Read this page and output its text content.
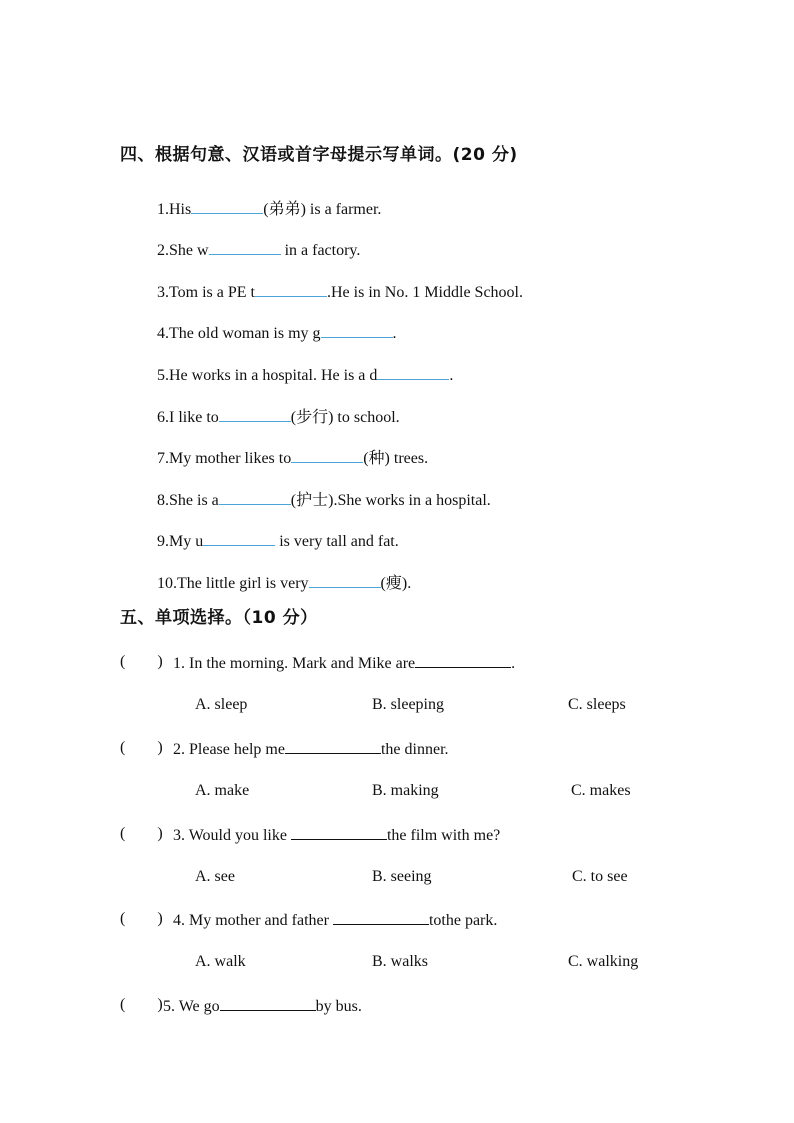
四、根据句意、汉语或首字母提示写单词。(20 分)
1.His	(弟弟) is a farmer.
2.She w	in a factory.
3.Tom is a PE t	.He is in No. 1 Middle School.
4.The old woman is my g	.
5.He works in a hospital. He is a d	.
6.I like to	(步行) to school.
7.My mother likes to	(种) trees.
8.She is a	(护士).She works in a hospital.
9.My u	is very tall and fat.
10.The little girl is very	(瘦).
五、单项选择。（10 分）
(        ) 1. In the morning. Mark and Mike are	.
A. sleep	B. sleeping	C. sleeps
(        ) 2. Please help me	the dinner.
A. make	B. making	C. makes
(        ) 3. Would you like	the film with me?
A. see	B. seeing	C. to see
(        ) 4. My mother and father	tothe park.
A. walk	B. walks	C. walking
(        ) 5. We go	by bus.
